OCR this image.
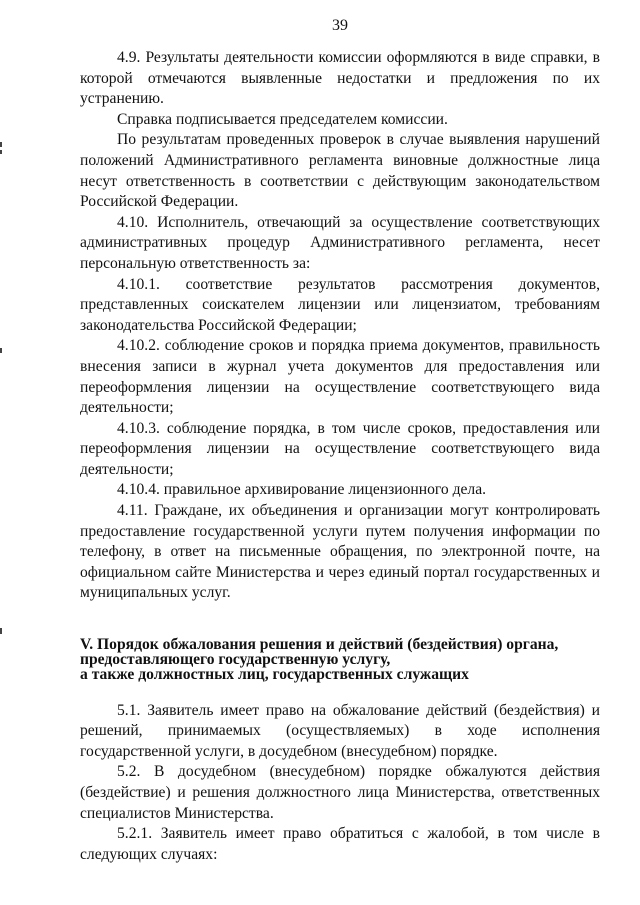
39

4.9. Результаты деятельности комиссии оформляются в виде справки, в которой отмечаются выявленные недостатки и предложения по их устранению.

Справка подписывается председателем комиссии.

По результатам проведенных проверок в случае выявления нарушений положений Административного регламента виновные должностные лица несут ответственность в соответствии с действующим законодательством Российской Федерации.

4.10. Исполнитель, отвечающий за осуществление соответствующих административных процедур Административного регламента, несет персональную ответственность за:

4.10.1. соответствие результатов рассмотрения документов, представленных соискателем лицензии или лицензиатом, требованиям законодательства Российской Федерации;

4.10.2. соблюдение сроков и порядка приема документов, правильность внесения записи в журнал учета документов для предоставления или переоформления лицензии на осуществление соответствующего вида деятельности;

4.10.3. соблюдение порядка, в том числе сроков, предоставления или переоформления лицензии на осуществление соответствующего вида деятельности;

4.10.4. правильное архивирование лицензионного дела.

4.11. Граждане, их объединения и организации могут контролировать предоставление государственной услуги путем получения информации по телефону, в ответ на письменные обращения, по электронной почте, на официальном сайте Министерства и через единый портал государственных и муниципальных услуг.

V. Порядок обжалования решения и действий (бездействия) органа,

предоставляющего государственную услугу,

а также должностных лиц, государственных служащих

5.1. Заявитель имеет право на обжалование действий (бездействия) и решений, принимаемых (осуществляемых) в ходе исполнения государственной услуги, в досудебном (внесудебном) порядке.

5.2. В досудебном (внесудебном) порядке обжалуются действия (бездействие) и решения должностного лица Министерства, ответственных специалистов Министерства.

5.2.1. Заявитель имеет право обратиться с жалобой, в том числе в следующих случаях:
